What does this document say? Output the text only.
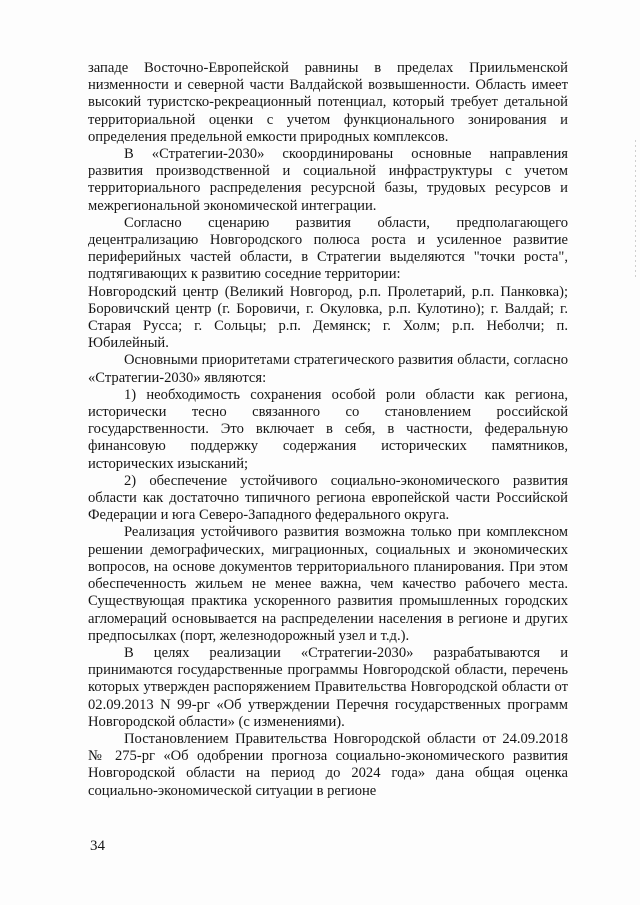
западе Восточно-Европейской равнины в пределах Приильменской низменности и северной части Валдайской возвышенности. Область имеет высокий туристско-рекреационный потенциал, который требует детальной территориальной оценки с учетом функционального зонирования и определения предельной емкости природных комплексов.

В «Стратегии-2030» скоординированы основные направления развития производственной и социальной инфраструктуры с учетом территориального распределения ресурсной базы, трудовых ресурсов и межрегиональной экономической интеграции.

Согласно сценарию развития области, предполагающего децентрализацию Новгородского полюса роста и усиленное развитие периферийных частей области, в Стратегии выделяются "точки роста", подтягивающих к развитию соседние территории:

Новгородский центр (Великий Новгород, р.п. Пролетарий, р.п. Панковка); Боровичский центр (г. Боровичи, г. Окуловка, р.п. Кулотино); г. Валдай; г. Старая Русса; г. Сольцы; р.п. Демянск; г. Холм; р.п. Неболчи; п. Юбилейный.

Основными приоритетами стратегического развития области, согласно «Стратегии-2030» являются:

1) необходимость сохранения особой роли области как региона, исторически тесно связанного со становлением российской государственности. Это включает в себя, в частности, федеральную финансовую поддержку содержания исторических памятников, исторических изысканий;

2) обеспечение устойчивого социально-экономического развития области как достаточно типичного региона европейской части Российской Федерации и юга Северо-Западного федерального округа.

Реализация устойчивого развития возможна только при комплексном решении демографических, миграционных, социальных и экономических вопросов, на основе документов территориального планирования. При этом обеспеченность жильем не менее важна, чем качество рабочего места. Существующая практика ускоренного развития промышленных городских агломераций основывается на распределении населения в регионе и других предпосылках (порт, железнодорожный узел и т.д.).

В целях реализации «Стратегии-2030» разрабатываются и принимаются государственные программы Новгородской области, перечень которых утвержден распоряжением Правительства Новгородской области от 02.09.2013 N 99-рг «Об утверждении Перечня государственных программ Новгородской области» (с изменениями).

Постановлением Правительства Новгородской области от 24.09.2018 № 275-рг «Об одобрении прогноза социально-экономического развития Новгородской области на период до 2024 года» дана общая оценка социально-экономической ситуации в регионе

34
